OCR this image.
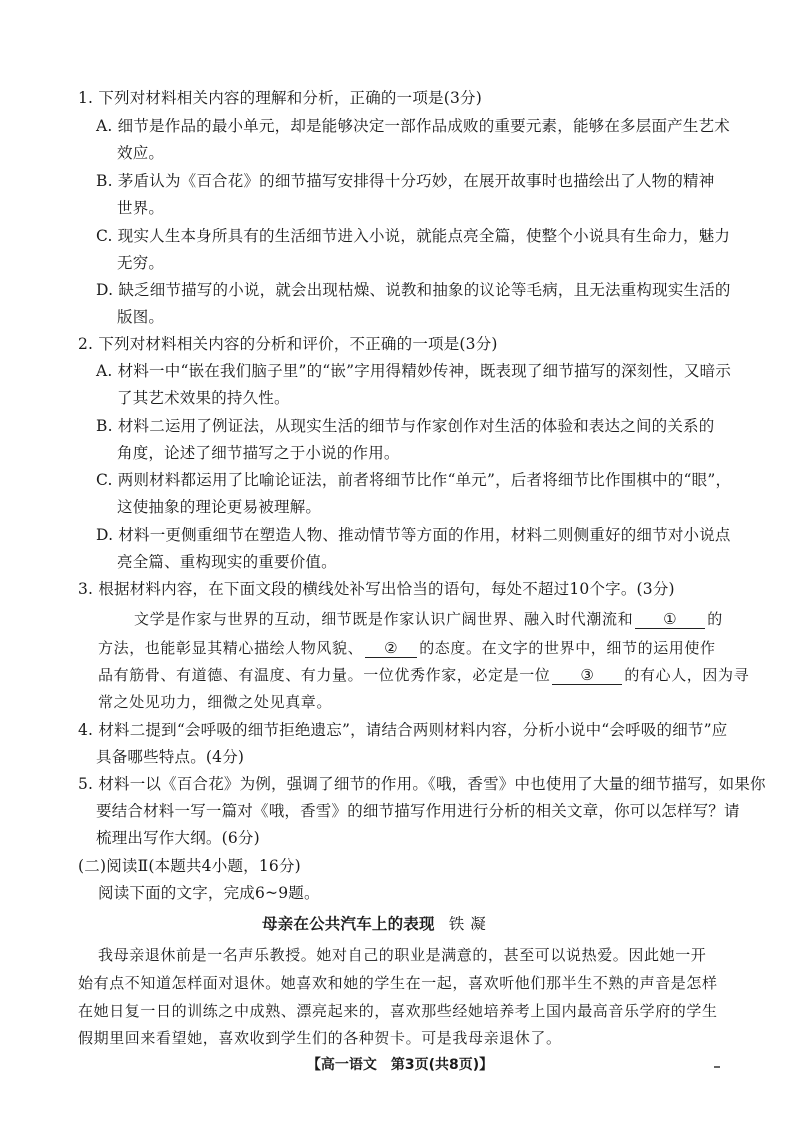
1. 下列对材料相关内容的理解和分析，正确的一项是(3分)
A. 细节是作品的最小单元，却是能够决定一部作品成败的重要元素，能够在多层面产生艺术
效应。
B. 茅盾认为《百合花》的细节描写安排得十分巧妙，在展开故事时也描绘出了人物的精神
世界。
C. 现实人生本身所具有的生活细节进入小说，就能点亮全篇，使整个小说具有生命力，魅力
无穷。
D. 缺乏细节描写的小说，就会出现枯燥、说教和抽象的议论等毛病，且无法重构现实生活的
版图。
2. 下列对材料相关内容的分析和评价，不正确的一项是(3分)
A. 材料一中“嵌在我们脑子里”的“嵌”字用得精妙传神，既表现了细节描写的深刻性，又暗示
了其艺术效果的持久性。
B. 材料二运用了例证法，从现实生活的细节与作家创作对生活的体验和表达之间的关系的
角度，论述了细节描写之于小说的作用。
C. 两则材料都运用了比喻论证法，前者将细节比作“单元”，后者将细节比作围棋中的“眼”，
这使抽象的理论更易被理解。
D. 材料一更侧重细节在塑造人物、推动情节等方面的作用，材料二则侧重好的细节对小说点
亮全篇、重构现实的重要价值。
3. 根据材料内容，在下面文段的横线处补写出恰当的语句，每处不超过10个字。(3分)
文学是作家与世界的互动，细节既是作家认识广阔世界、融入时代潮流和 ① 的
方法，也能彰显其精心描绘人物风貌、 ② 的态度。在文字的世界中，细节的运用使作
品有筋骨、有道德、有温度、有力量。一位优秀作家，必定是一位 ③ 的有心人，因为寻
常之处见功力，细微之处见真章。
4. 材料二提到“会呼吸的细节拒绝遗忘”，请结合两则材料内容，分析小说中“会呼吸的细节”应
具备哪些特点。(4分)
5. 材料一以《百合花》为例，强调了细节的作用。《哦，香雪》中也使用了大量的细节描写，如果你
要结合材料一写一篇对《哦，香雪》的细节描写作用进行分析的相关文章，你可以怎样写？请
梳理出写作大纲。(6分)
(二)阅读Ⅱ(本题共4小题，16分)
阅读下面的文字，完成6~9题。
母亲在公共汽车上的表现 铁凝
我母亲退休前是一名声乐教授。她对自己的职业是满意的，甚至可以说热爱。因此她一开
始有点不知道怎样面对退休。她喜欢和她的学生在一起，喜欢听他们那半生不熟的声音是怎样
在她日复一日的训练之中成熟、漂亮起来的，喜欢那些经她培养考上国内最高音乐学府的学生
假期里回来看望她，喜欢收到学生们的各种贺卡。可是我母亲退休了。
【高一语文　第3页(共8页)】
